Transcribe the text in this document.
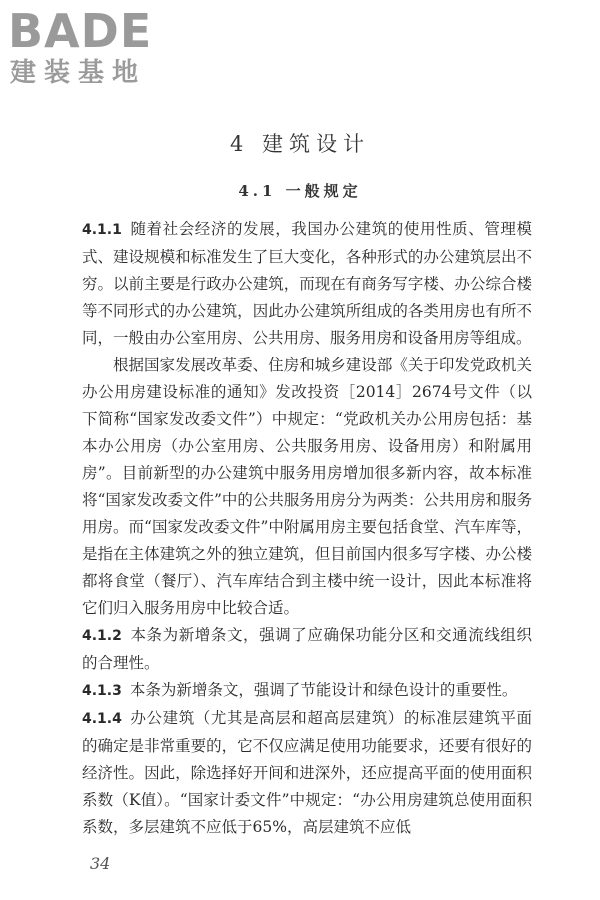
BADE
建装基地
4 建筑设计
4.1 一般规定

4.1.1 随着社会经济的发展，我国办公建筑的使用性质、管理模式、建设规模和标准发生了巨大变化，各种形式的办公建筑层出不穷。以前主要是行政办公建筑，而现在有商务写字楼、办公综合楼等不同形式的办公建筑，因此办公建筑所组成的各类用房也有所不同，一般由办公室用房、公共用房、服务用房和设备用房等组成。

根据国家发展改革委、住房和城乡建设部《关于印发党政机关办公用房建设标准的通知》发改投资［2014］2674号文件（以下简称“国家发改委文件”）中规定：“党政机关办公用房包括：基本办公用房（办公室用房、公共服务用房、设备用房）和附属用房”。目前新型的办公建筑中服务用房增加很多新内容，故本标准将“国家发改委文件”中的公共服务用房分为两类：公共用房和服务用房。而“国家发改委文件”中附属用房主要包括食堂、汽车库等，是指在主体建筑之外的独立建筑，但目前国内很多写字楼、办公楼都将食堂（餐厅）、汽车库结合到主楼中统一设计，因此本标准将它们归入服务用房中比较合适。

4.1.2 本条为新增条文，强调了应确保功能分区和交通流线组织的合理性。

4.1.3 本条为新增条文，强调了节能设计和绿色设计的重要性。

4.1.4 办公建筑（尤其是高层和超高层建筑）的标准层建筑平面的确定是非常重要的，它不仅应满足使用功能要求，还要有很好的经济性。因此，除选择好开间和进深外，还应提高平面的使用面积系数（K值）。“国家计委文件”中规定：“办公用房建筑总使用面积系数，多层建筑不应低于65%，高层建筑不应低

34
